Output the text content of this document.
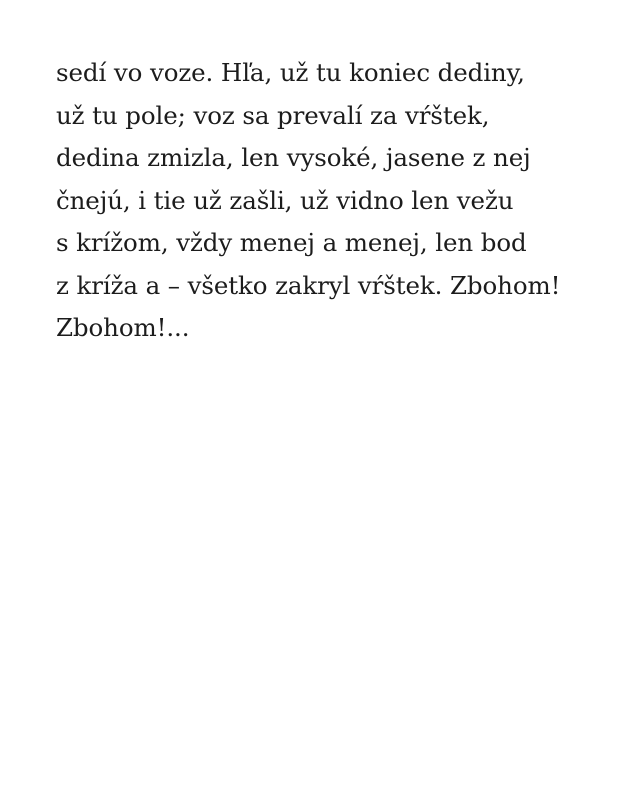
sedí vo voze. Hľa, už tu koniec dediny,
už tu pole; voz sa prevalí za vŕštek,
dedina zmizla, len vysoké, jasene z nej
čnejú, i tie už zašli, už vidno len vežu
s krížom, vždy menej a menej, len bod
z kríža a – všetko zakryl vŕštek. Zbohom!
Zbohom!...
